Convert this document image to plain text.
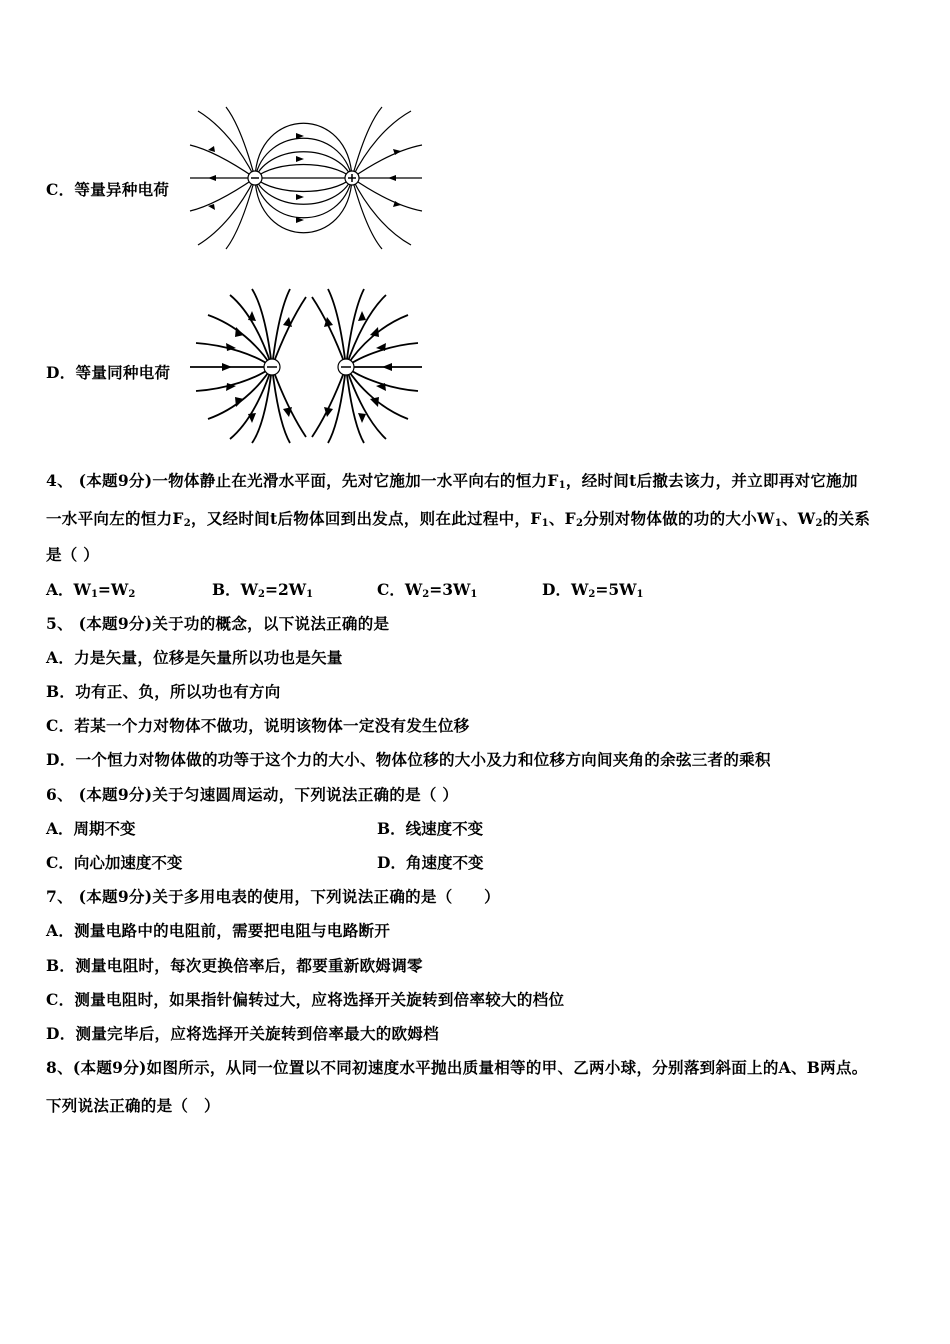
C．等量异种电荷
D．等量同种电荷
4、 (本题9分)一物体静止在光滑水平面，先对它施加一水平向右的恒力$F_1$，经时间t后撤去该力，并立即再对它施加
一水平向左的恒力$F_2$，又经时间t后物体回到出发点，则在此过程中，$F_1$、$F_2$分别对物体做的功的大小$W_1$、$W_2$的关系
是（ ）
A．$W_1=W_2$	B．$W_2=2W_1$	C．$W_2=3W_1$	D．$W_2=5W_1$
5、 (本题9分)关于功的概念，以下说法正确的是
A．力是矢量，位移是矢量所以功也是矢量
B．功有正、负，所以功也有方向
C．若某一个力对物体不做功，说明该物体一定没有发生位移
D．一个恒力对物体做的功等于这个力的大小、物体位移的大小及力和位移方向间夹角的余弦三者的乘积
6、 (本题9分)关于匀速圆周运动，下列说法正确的是（ ）
A．周期不变	B．线速度不变
C．向心加速度不变	D．角速度不变
7、 (本题9分)关于多用电表的使用，下列说法正确的是（　　）
A．测量电路中的电阻前，需要把电阻与电路断开
B．测量电阻时，每次更换倍率后，都要重新欧姆调零
C．测量电阻时，如果指针偏转过大，应将选择开关旋转到倍率较大的档位
D．测量完毕后，应将选择开关旋转到倍率最大的欧姆档
8、(本题9分)如图所示，从同一位置以不同初速度水平抛出质量相等的甲、乙两小球，分别落到斜面上的A、B两点。
下列说法正确的是（　）
